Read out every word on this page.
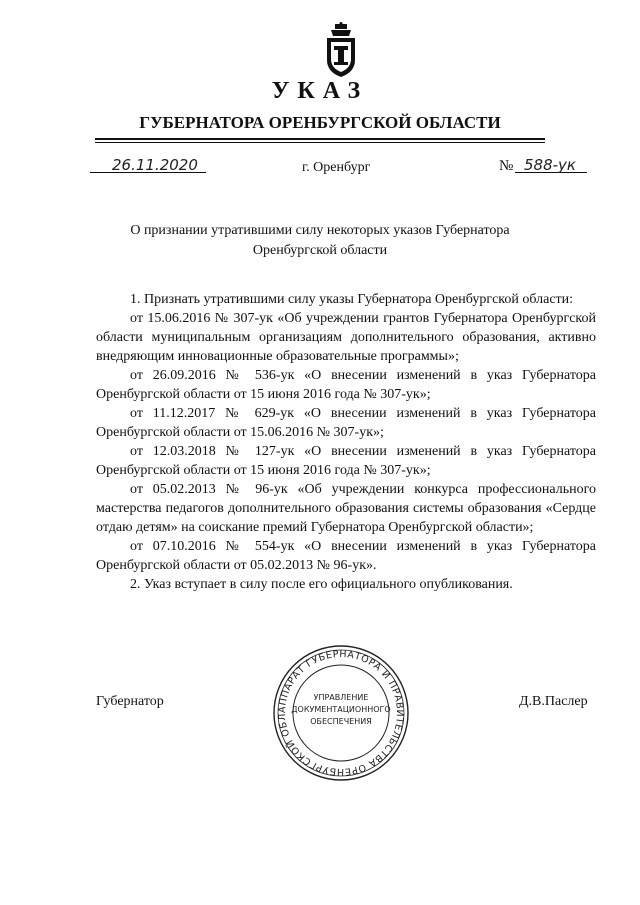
УКАЗ
ГУБЕРНАТОРА ОРЕНБУРГСКОЙ ОБЛАСТИ
26.11.2020	г. Оренбург	№ 588-ук
О признании утратившими силу некоторых указов Губернатора Оренбургской области

1. Признать утратившими силу указы Губернатора Оренбургской области:

от 15.06.2016 № 307-ук «Об учреждении грантов Губернатора Оренбургской области муниципальным организациям дополнительного образования, активно внедряющим инновационные образовательные программы»;

от 26.09.2016 № 536-ук «О внесении изменений в указ Губернатора Оренбургской области от 15 июня 2016 года № 307-ук»;

от 11.12.2017 № 629-ук «О внесении изменений в указ Губернатора Оренбургской области от 15.06.2016 № 307-ук»;

от 12.03.2018 № 127-ук «О внесении изменений в указ Губернатора Оренбургской области от 15 июня 2016 года № 307-ук»;

от 05.02.2013 № 96-ук «Об учреждении конкурса профессионального мастерства педагогов дополнительного образования системы образования «Сердце отдаю детям» на соискание премий Губернатора Оренбургской области»;

от 07.10.2016 № 554-ук «О внесении изменений в указ Губернатора Оренбургской области от 05.02.2013 № 96-ук».

2. Указ вступает в силу после его официального опубликования.

Губернатор	Д.В.Паслер
АППАРАТ ГУБЕРНАТОРА И ПРАВИТЕЛЬСТВА ОРЕНБУРГСКОЙ ОБЛ
УПРАВЛЕНИЕ
ДОКУМЕНТАЦИОННОГО
ОБЕСПЕЧЕНИЯ
